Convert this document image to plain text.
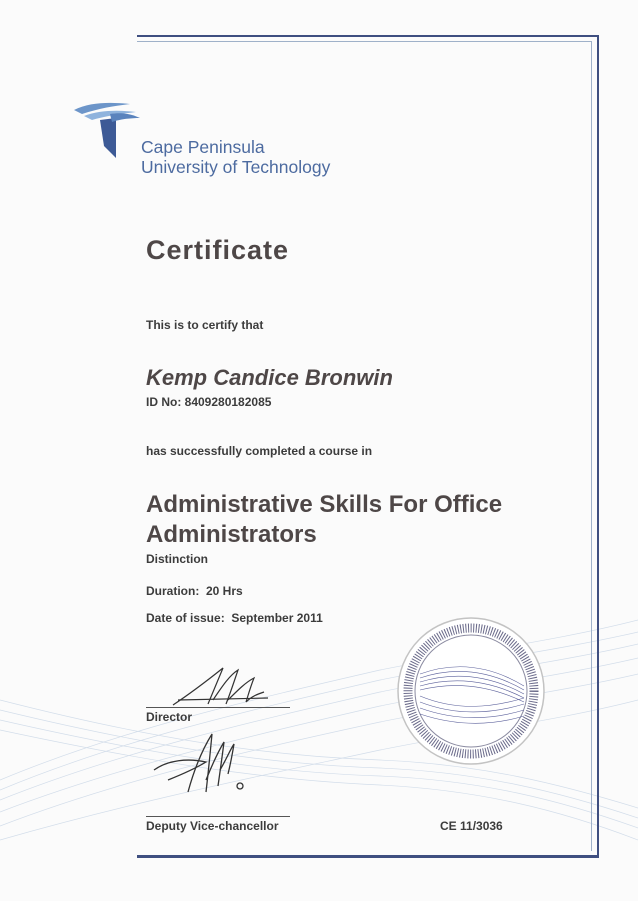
Cape Peninsula
University of Technology
Certificate
This is to certify that
Kemp Candice Bronwin
ID No: 8409280182085
has successfully completed a course in
Administrative Skills For Office Administrators
Distinction
Duration: 20 Hrs
Date of issue: September 2011
Director
Deputy Vice-chancellor	CE 11/3036
